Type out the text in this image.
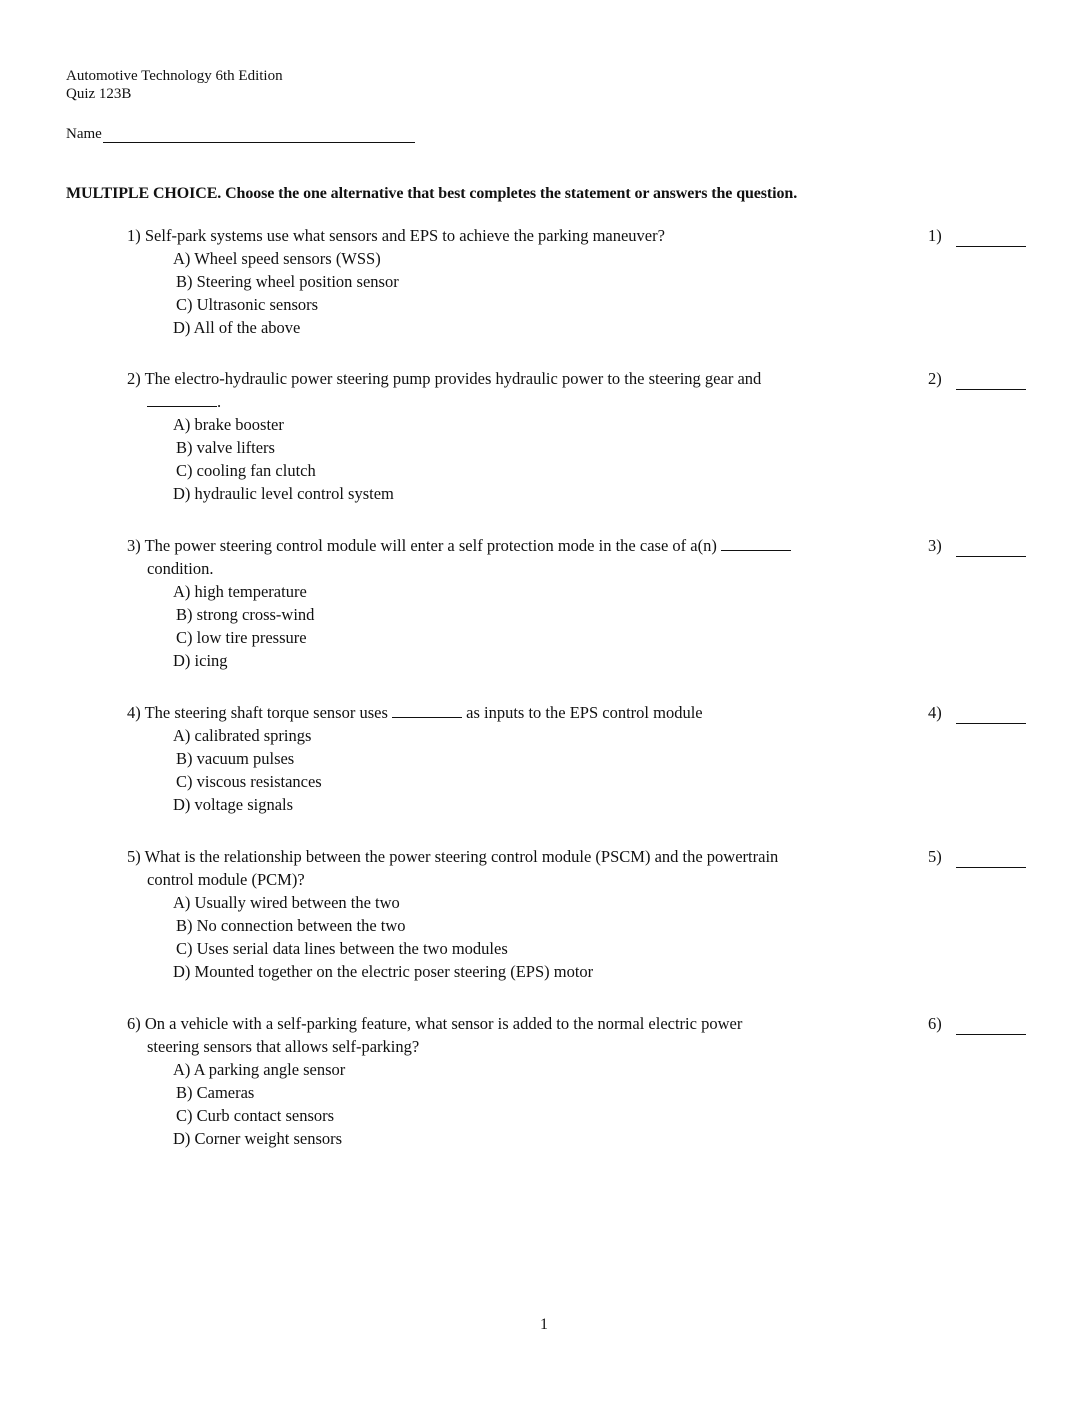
Automotive Technology 6th Edition
Quiz 123B
Name
MULTIPLE CHOICE. Choose the one alternative that best completes the statement or answers the question.
1) Self-park systems use what sensors and EPS to achieve the parking maneuver?	1)
A) Wheel speed sensors (WSS)
B) Steering wheel position sensor
C) Ultrasonic sensors
D) All of the above
2) The electro-hydraulic power steering pump provides hydraulic power to the steering gear and
.
2)
A) brake booster
B) valve lifters
C) cooling fan clutch
D) hydraulic level control system
3) The power steering control module will enter a self protection mode in the case of a(n)
condition.
3)
A) high temperature
B) strong cross-wind
C) low tire pressure
D) icing
4) The steering shaft torque sensor uses	as inputs to the EPS control module	4)
A) calibrated springs
B) vacuum pulses
C) viscous resistances
D) voltage signals
5) What is the relationship between the power steering control module (PSCM) and the powertrain
control module (PCM)?
5)
A) Usually wired between the two
B) No connection between the two
C) Uses serial data lines between the two modules
D) Mounted together on the electric poser steering (EPS) motor
6) On a vehicle with a self-parking feature, what sensor is added to the normal electric power
steering sensors that allows self-parking?
6)
A) A parking angle sensor
B) Cameras
C) Curb contact sensors
D) Corner weight sensors
1
